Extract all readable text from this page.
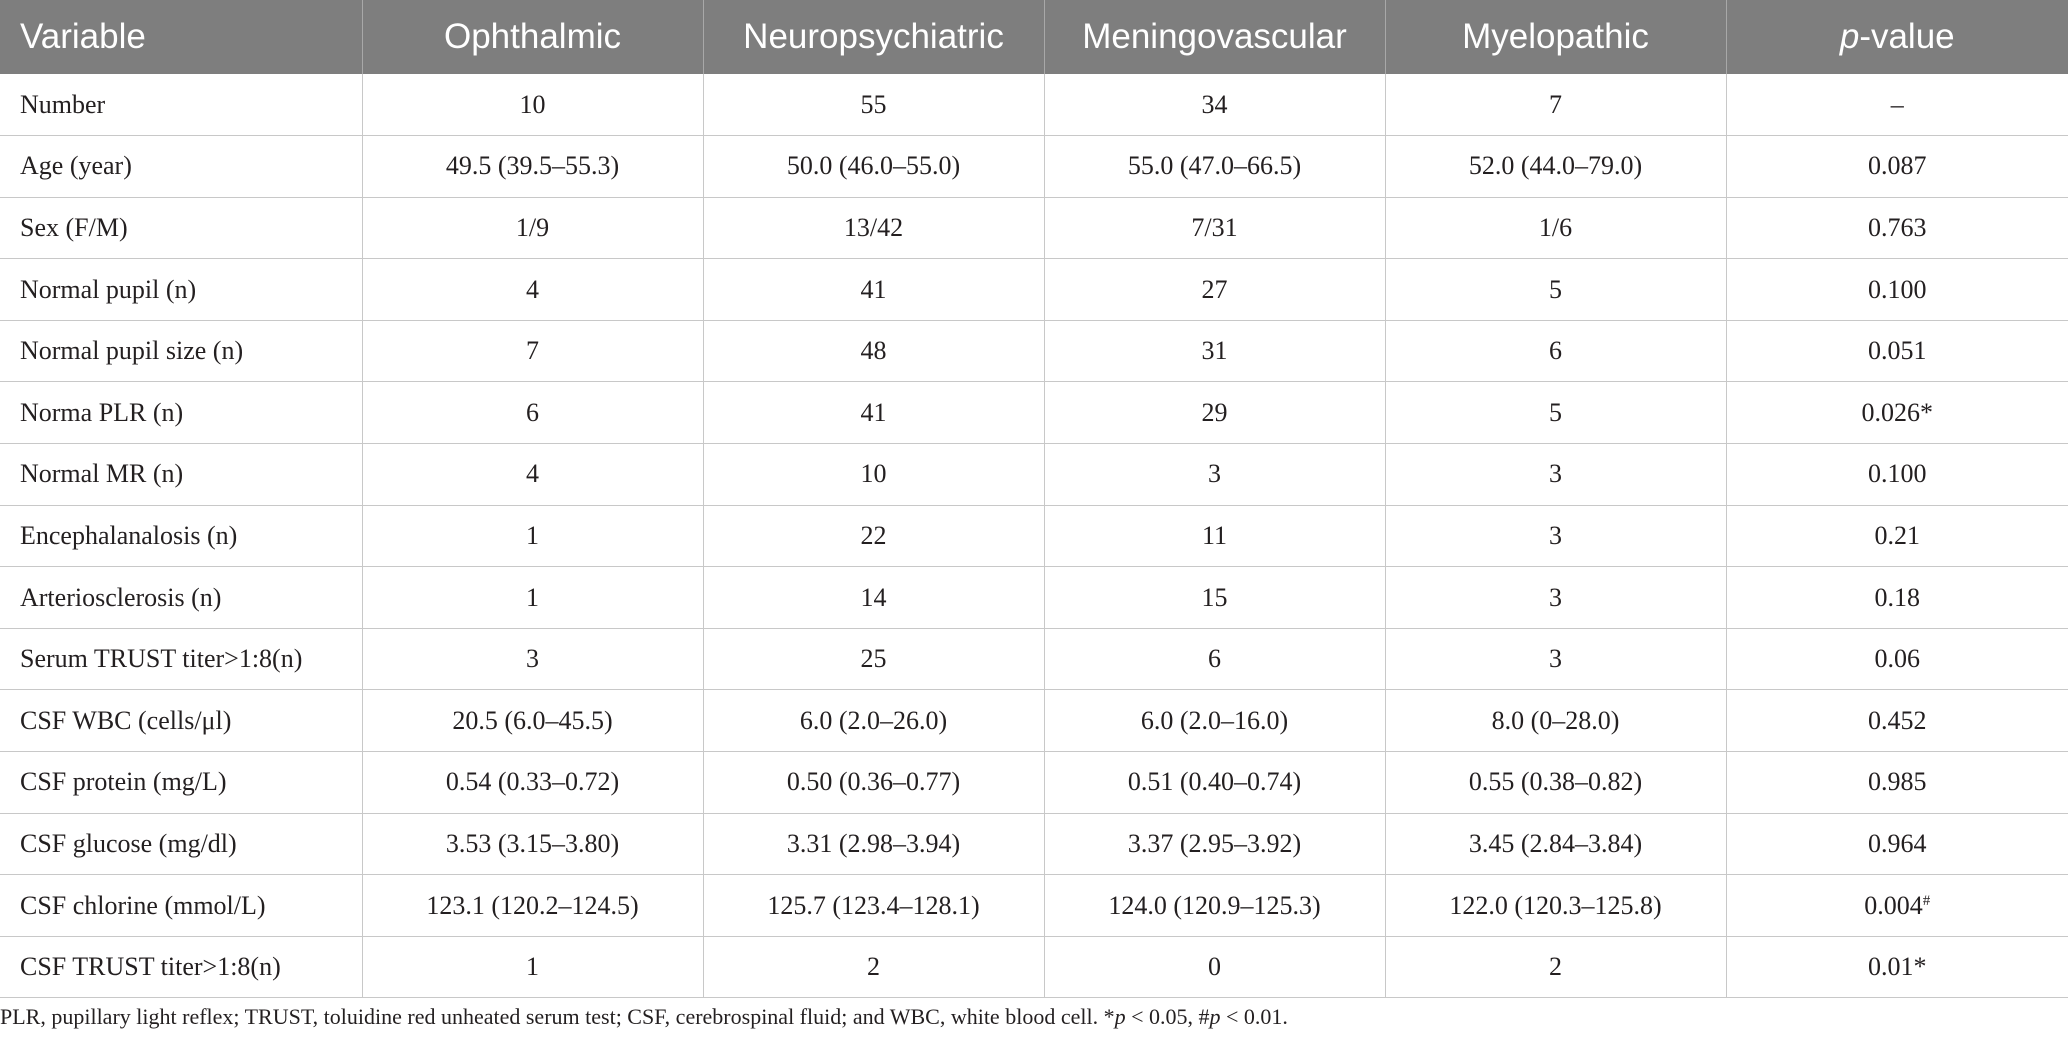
Variable	Ophthalmic	Neuropsychiatric	Meningovascular	Myelopathic	p-value
Number	10	55	34	7	–
Age (year)	49.5 (39.5–55.3)	50.0 (46.0–55.0)	55.0 (47.0–66.5)	52.0 (44.0–79.0)	0.087
Sex (F/M)	1/9	13/42	7/31	1/6	0.763
Normal pupil (n)	4	41	27	5	0.100
Normal pupil size (n)	7	48	31	6	0.051
Norma PLR (n)	6	41	29	5	0.026*
Normal MR (n)	4	10	3	3	0.100
Encephalanalosis (n)	1	22	11	3	0.21
Arteriosclerosis (n)	1	14	15	3	0.18
Serum TRUST titer>1:8(n)	3	25	6	3	0.06
CSF WBC (cells/μl)	20.5 (6.0–45.5)	6.0 (2.0–26.0)	6.0 (2.0–16.0)	8.0 (0–28.0)	0.452
CSF protein (mg/L)	0.54 (0.33–0.72)	0.50 (0.36–0.77)	0.51 (0.40–0.74)	0.55 (0.38–0.82)	0.985
CSF glucose (mg/dl)	3.53 (3.15–3.80)	3.31 (2.98–3.94)	3.37 (2.95–3.92)	3.45 (2.84–3.84)	0.964
CSF chlorine (mmol/L)	123.1 (120.2–124.5)	125.7 (123.4–128.1)	124.0 (120.9–125.3)	122.0 (120.3–125.8)	0.004#
CSF TRUST titer>1:8(n)	1	2	0	2	0.01*
PLR, pupillary light reflex; TRUST, toluidine red unheated serum test; CSF, cerebrospinal fluid; and WBC, white blood cell. *p < 0.05, #p < 0.01.
